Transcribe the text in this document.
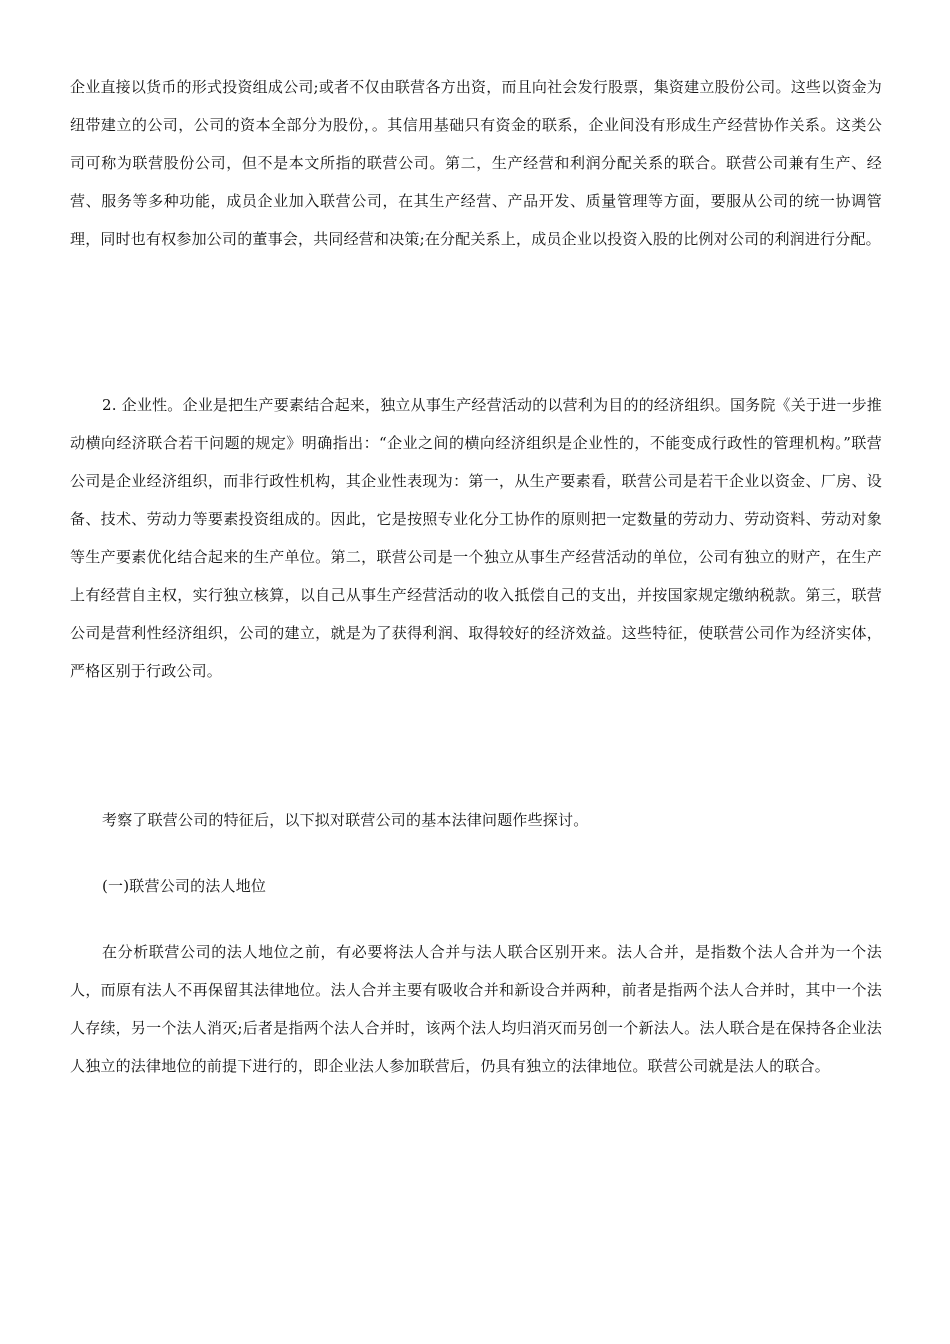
企业直接以货币的形式投资组成公司;或者不仅由联营各方出资，而且向社会发行股票，集资建立股份公司。这些以资金为纽带建立的公司，公司的资本全部分为股份，。其信用基础只有资金的联系，企业间没有形成生产经营协作关系。这类公司可称为联营股份公司，但不是本文所指的联营公司。第二，生产经营和利润分配关系的联合。联营公司兼有生产、经营、服务等多种功能，成员企业加入联营公司，在其生产经营、产品开发、质量管理等方面，要服从公司的统一协调管理，同时也有权参加公司的董事会，共同经营和决策;在分配关系上，成员企业以投资入股的比例对公司的利润进行分配。

2. 企业性。企业是把生产要素结合起来，独立从事生产经营活动的以营利为目的的经济组织。国务院《关于进一步推动横向经济联合若干问题的规定》明确指出：“企业之间的横向经济组织是企业性的，不能变成行政性的管理机构。”联营公司是企业经济组织，而非行政性机构，其企业性表现为：第一，从生产要素看，联营公司是若干企业以资金、厂房、设备、技术、劳动力等要素投资组成的。因此，它是按照专业化分工协作的原则把一定数量的劳动力、劳动资料、劳动对象等生产要素优化结合起来的生产单位。第二，联营公司是一个独立从事生产经营活动的单位，公司有独立的财产，在生产上有经营自主权，实行独立核算，以自己从事生产经营活动的收入抵偿自己的支出，并按国家规定缴纳税款。第三，联营公司是营利性经济组织，公司的建立，就是为了获得利润、取得较好的经济效益。这些特征，使联营公司作为经济实体，严格区别于行政公司。

考察了联营公司的特征后，以下拟对联营公司的基本法律问题作些探讨。

(一)联营公司的法人地位

在分析联营公司的法人地位之前，有必要将法人合并与法人联合区别开来。法人合并，是指数个法人合并为一个法人，而原有法人不再保留其法律地位。法人合并主要有吸收合并和新设合并两种，前者是指两个法人合并时，其中一个法人存续，另一个法人消灭;后者是指两个法人合并时，该两个法人均归消灭而另创一个新法人。法人联合是在保持各企业法人独立的法律地位的前提下进行的，即企业法人参加联营后，仍具有独立的法律地位。联营公司就是法人的联合。
